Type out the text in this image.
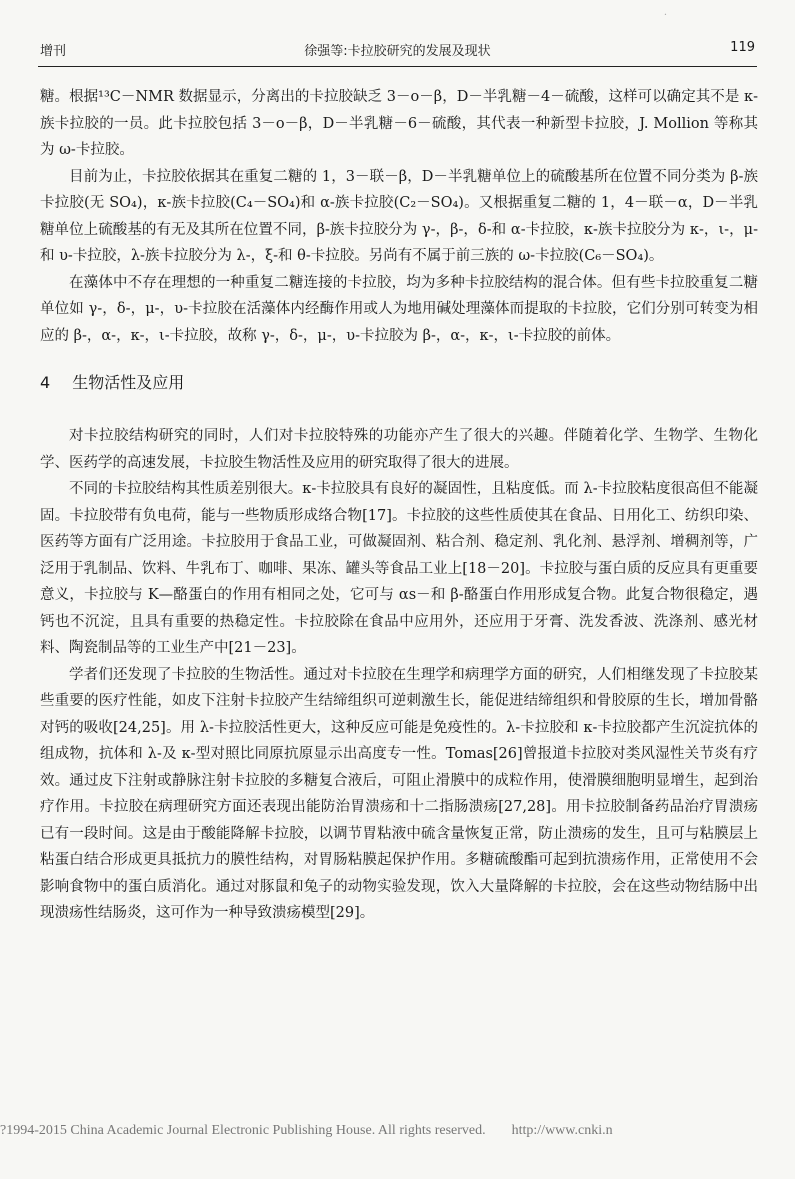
·
增刊	徐强等:卡拉胶研究的发展及现状	119

糖。根据¹³C－NMR 数据显示，分离出的卡拉胶缺乏 3－o－β，D－半乳糖－4－硫酸，这样可以确定其不是 κ-族卡拉胶的一员。此卡拉胶包括 3－o－β，D－半乳糖－6－硫酸，其代表一种新型卡拉胶，J. Mollion 等称其为 ω-卡拉胶。

目前为止，卡拉胶依据其在重复二糖的 1，3－联－β，D－半乳糖单位上的硫酸基所在位置不同分类为 β-族卡拉胶(无 SO₄)，κ-族卡拉胶(C₄－SO₄)和 α-族卡拉胶(C₂－SO₄)。又根据重复二糖的 1，4－联－α，D－半乳糖单位上硫酸基的有无及其所在位置不同，β-族卡拉胶分为 γ-，β-，δ-和 α-卡拉胶，κ-族卡拉胶分为 κ-，ι-，μ-和 υ-卡拉胶，λ-族卡拉胶分为 λ-，ξ-和 θ-卡拉胶。另尚有不属于前三族的 ω-卡拉胶(C₆－SO₄)。

在藻体中不存在理想的一种重复二糖连接的卡拉胶，均为多种卡拉胶结构的混合体。但有些卡拉胶重复二糖单位如 γ-，δ-，μ-，υ-卡拉胶在活藻体内经酶作用或人为地用碱处理藻体而提取的卡拉胶，它们分别可转变为相应的 β-，α-，κ-，ι-卡拉胶，故称 γ-，δ-，μ-，υ-卡拉胶为 β-，α-，κ-，ι-卡拉胶的前体。

4 生物活性及应用

对卡拉胶结构研究的同时，人们对卡拉胶特殊的功能亦产生了很大的兴趣。伴随着化学、生物学、生物化学、医药学的高速发展，卡拉胶生物活性及应用的研究取得了很大的进展。

不同的卡拉胶结构其性质差别很大。κ-卡拉胶具有良好的凝固性，且粘度低。而 λ-卡拉胶粘度很高但不能凝固。卡拉胶带有负电荷，能与一些物质形成络合物[17]。卡拉胶的这些性质使其在食品、日用化工、纺织印染、医药等方面有广泛用途。卡拉胶用于食品工业，可做凝固剂、粘合剂、稳定剂、乳化剂、悬浮剂、增稠剂等，广泛用于乳制品、饮料、牛乳布丁、咖啡、果冻、罐头等食品工业上[18－20]。卡拉胶与蛋白质的反应具有更重要意义，卡拉胶与 K—酪蛋白的作用有相同之处，它可与 αs－和 β-酪蛋白作用形成复合物。此复合物很稳定，遇钙也不沉淀，且具有重要的热稳定性。卡拉胶除在食品中应用外，还应用于牙膏、洗发香波、洗涤剂、感光材料、陶瓷制品等的工业生产中[21－23]。

学者们还发现了卡拉胶的生物活性。通过对卡拉胶在生理学和病理学方面的研究，人们相继发现了卡拉胶某些重要的医疗性能，如皮下注射卡拉胶产生结缔组织可逆刺激生长，能促进结缔组织和骨胶原的生长，增加骨骼对钙的吸收[24,25]。用 λ-卡拉胶活性更大，这种反应可能是免疫性的。λ-卡拉胶和 κ-卡拉胶都产生沉淀抗体的组成物，抗体和 λ-及 κ-型对照比同原抗原显示出高度专一性。Tomas[26]曾报道卡拉胶对类风湿性关节炎有疗效。通过皮下注射或静脉注射卡拉胶的多糖复合液后，可阻止滑膜中的成粒作用，使滑膜细胞明显增生，起到治疗作用。卡拉胶在病理研究方面还表现出能防治胃溃疡和十二指肠溃疡[27,28]。用卡拉胶制备药品治疗胃溃疡已有一段时间。这是由于酸能降解卡拉胶，以调节胃粘液中硫含量恢复正常，防止溃疡的发生，且可与粘膜层上粘蛋白结合形成更具抵抗力的膜性结构，对胃肠粘膜起保护作用。多糖硫酸酯可起到抗溃疡作用，正常使用不会影响食物中的蛋白质消化。通过对豚鼠和兔子的动物实验发现，饮入大量降解的卡拉胶，会在这些动物结肠中出现溃疡性结肠炎，这可作为一种导致溃疡模型[29]。

?1994-2015 China Academic Journal Electronic Publishing House. All rights reserved. http://www.cnki.n
